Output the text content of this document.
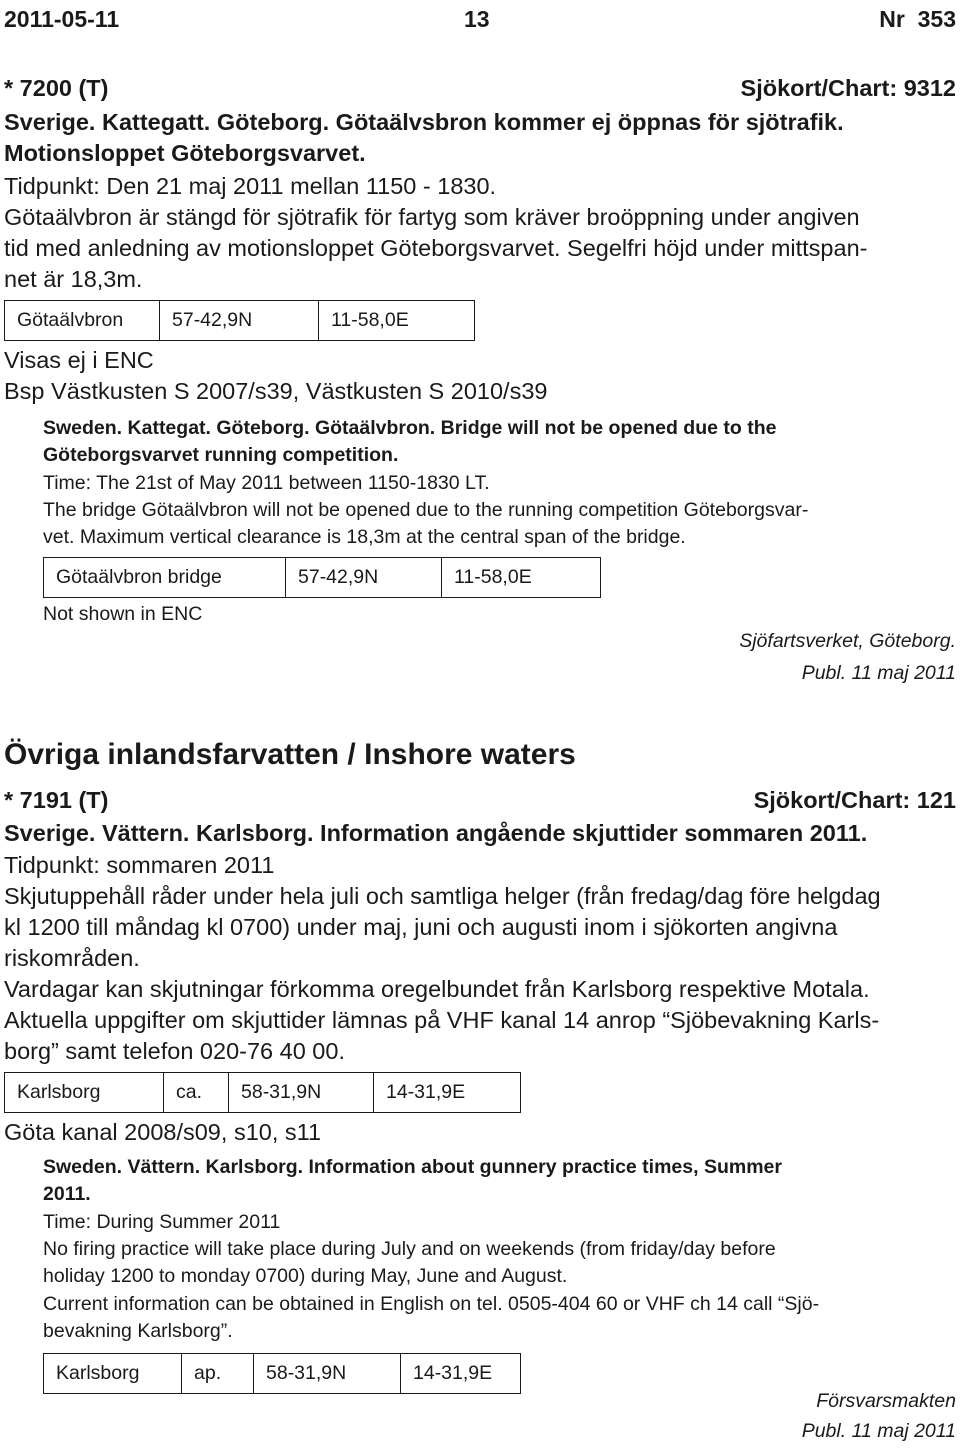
2011-05-11	13	Nr  353
* 7200 (T)	Sjökort/Chart: 9312
Sverige. Kattegatt. Göteborg. Götaälvsbron kommer ej öppnas för sjötrafik.
Motionsloppet Göteborgsvarvet.
Tidpunkt: Den 21 maj 2011 mellan 1150 - 1830.
Götaälvbron är stängd för sjötrafik för fartyg som kräver broöppning under angiven
tid med anledning av motionsloppet Göteborgsvarvet. Segelfri höjd under mittspan-
net är 18,3m.
Götaälvbron	57-42,9N	11-58,0E
Visas ej i ENC
Bsp Västkusten S 2007/s39, Västkusten S 2010/s39
Sweden. Kattegat. Göteborg. Götaälvbron. Bridge will not be opened due to the
Göteborgsvarvet running competition.
Time: The 21st of May 2011 between 1150-1830 LT.
The bridge Götaälvbron will not be opened due to the running competition Göteborgsvar-
vet. Maximum vertical clearance is 18,3m at the central span of the bridge.
Götaälvbron bridge	57-42,9N	11-58,0E
Not shown in ENC
Sjöfartsverket, Göteborg.
Publ. 11 maj 2011
Övriga inlandsfarvatten / Inshore waters
* 7191 (T)	Sjökort/Chart: 121
Sverige. Vättern. Karlsborg. Information angående skjuttider sommaren 2011.
Tidpunkt: sommaren 2011
Skjutuppehåll råder under hela juli och samtliga helger (från fredag/dag före helgdag
kl 1200 till måndag kl 0700) under maj, juni och augusti inom i sjökorten angivna
riskområden.
Vardagar kan skjutningar förkomma oregelbundet från Karlsborg respektive Motala.
Aktuella uppgifter om skjuttider lämnas på VHF kanal 14 anrop “Sjöbevakning Karls-
borg” samt telefon 020-76 40 00.
Karlsborg	ca.	58-31,9N	14-31,9E
Göta kanal 2008/s09, s10, s11
Sweden. Vättern. Karlsborg. Information about gunnery practice times, Summer
2011.
Time: During Summer 2011
No firing practice will take place during July and on weekends (from friday/day before
holiday 1200 to monday 0700) during May, June and August.
Current information can be obtained in English on tel. 0505-404 60 or VHF ch 14 call “Sjö-
bevakning Karlsborg”.
Karlsborg	ap.	58-31,9N	14-31,9E
Försvarsmakten
Publ. 11 maj 2011
